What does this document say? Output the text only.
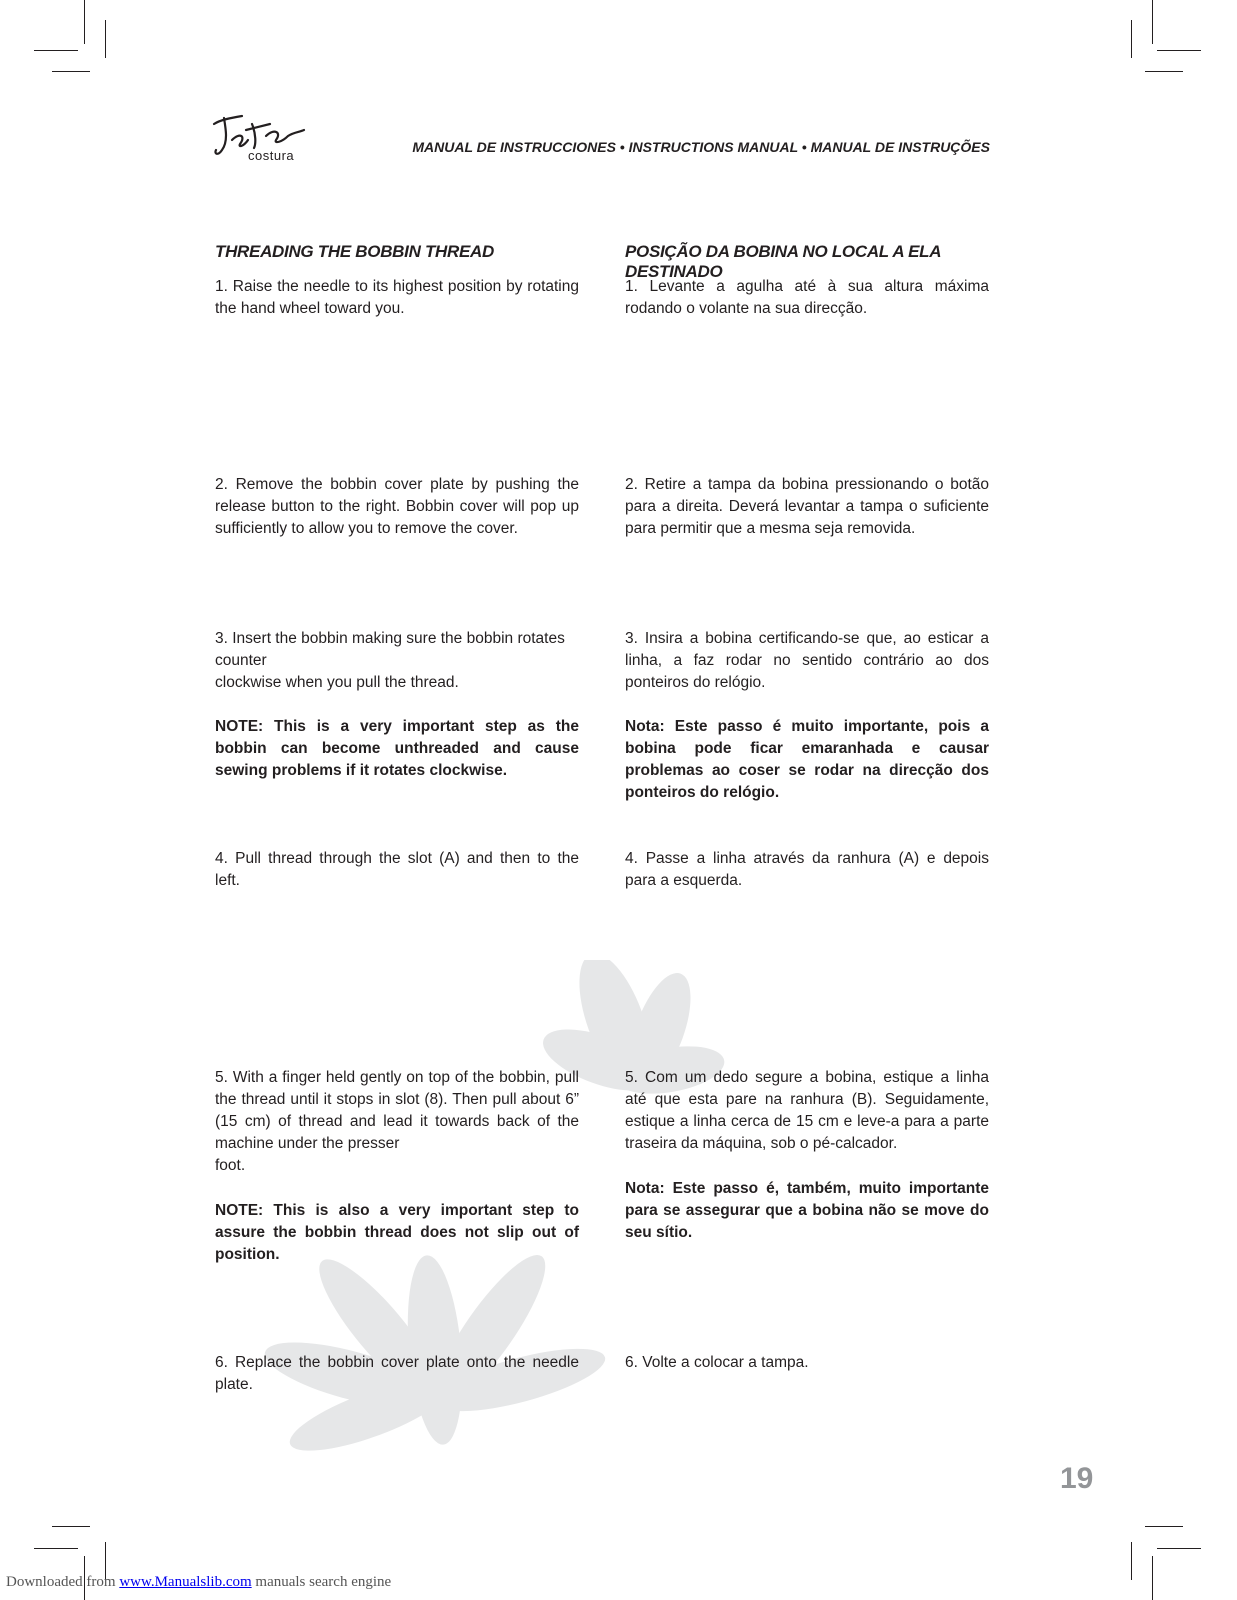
costura
MANUAL DE INSTRUCCIONES • INSTRUCTIONS MANUAL • MANUAL DE INSTRUÇÕES
THREADING THE BOBBIN THREAD
1. Raise the needle to its highest position by rotating the hand wheel toward you.
2. Remove the bobbin cover plate by pushing the release button to the right. Bobbin cover will pop up sufficiently to allow you to remove the cover.
3. Insert the bobbin making sure the bobbin rotates counter
clockwise when you pull the thread.
NOTE: This is a very important step as the bobbin can become unthreaded and cause sewing problems if it rotates clockwise.
4. Pull thread through the slot (A) and then to the left.
5. With a finger held gently on top of the bobbin, pull the thread until it stops in slot (8). Then pull about 6” (15 cm) of thread and lead it towards back of the machine under the presser
foot.
NOTE: This is also a very important step to assure the bobbin thread does not slip out of position.
6. Replace the bobbin cover plate onto the needle plate.
POSIÇÃO DA BOBINA NO LOCAL A ELA DESTINADO
1. Levante a agulha até à sua altura máxima rodando o volante na sua direcção.
2. Retire a tampa da bobina pressionando o botão para a direita. Deverá levantar a tampa o suficiente para permitir que a mesma seja removida.
3. Insira a bobina certificando-se que, ao esticar a linha, a faz rodar no sentido contrário ao dos ponteiros do relógio.
Nota: Este passo é muito importante, pois a bobina pode ficar emaranhada e causar problemas ao coser se rodar na direcção dos ponteiros do relógio.
4. Passe a linha através da ranhura (A) e depois para a esquerda.
5. Com um dedo segure a bobina, estique a linha até que esta pare na ranhura (B). Seguidamente, estique a linha cerca de 15 cm e leve-a para a parte traseira da máquina, sob o pé-calcador.
Nota: Este passo é, também, muito importante para se assegurar que a bobina não se move do seu sítio.
6. Volte a colocar a tampa.
19
Downloaded from www.Manualslib.com manuals search engine
